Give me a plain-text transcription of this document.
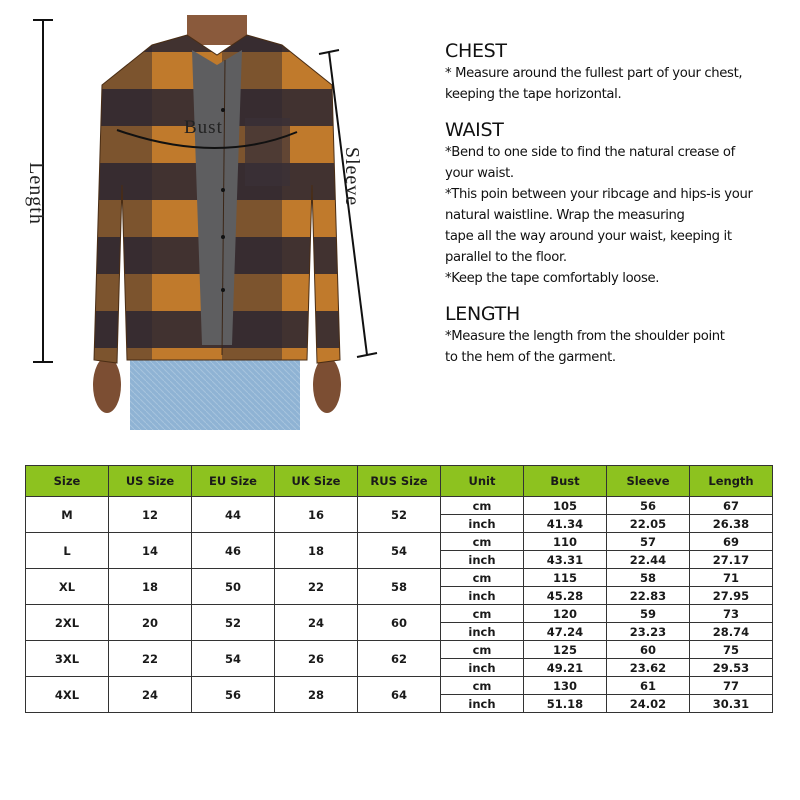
Length	Sleeve
Bust
CHEST

* Measure around the fullest part of your chest,

keeping the tape horizontal.

WAIST

*Bend to one side to find the natural crease of

your waist.

*This poin between your ribcage and hips-is your

natural waistline. Wrap the measuring

tape all the way around your waist, keeping it

parallel to the floor.

*Keep the tape comfortably loose.

LENGTH

*Measure the length from the shoulder point

to the hem of the garment.

Size	US Size	EU Size	UK Size	RUS Size	Unit	Bust	Sleeve	Length
M	12	44	16	52	cm	105	56	67
					inch	41.34	22.05	26.38
L	14	46	18	54	cm	110	57	69
					inch	43.31	22.44	27.17
XL	18	50	22	58	cm	115	58	71
					inch	45.28	22.83	27.95
2XL	20	52	24	60	cm	120	59	73
					inch	47.24	23.23	28.74
3XL	22	54	26	62	cm	125	60	75
					inch	49.21	23.62	29.53
4XL	24	56	28	64	cm	130	61	77
					inch	51.18	24.02	30.31
